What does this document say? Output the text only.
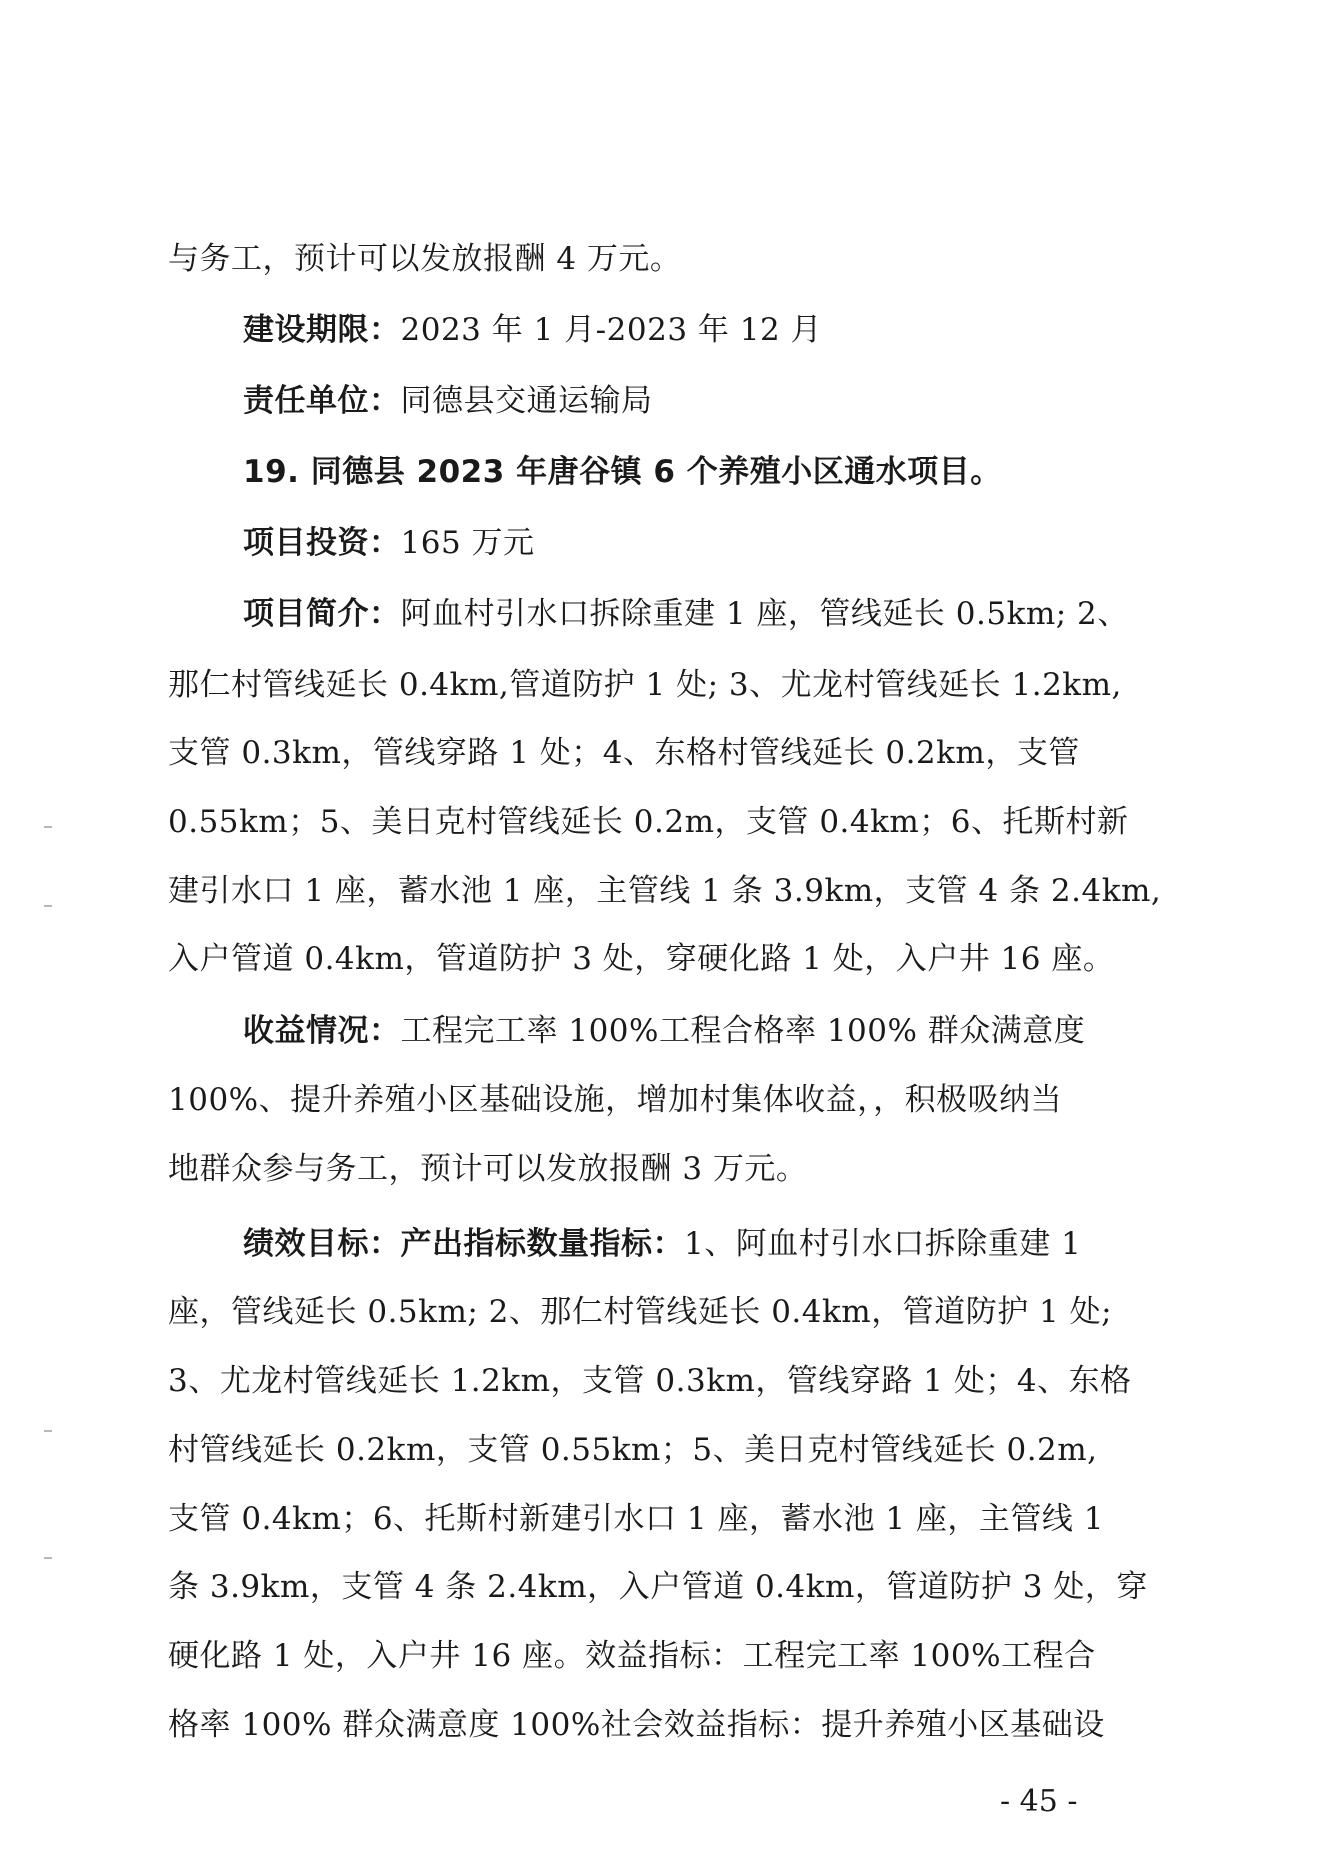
与务工，预计可以发放报酬 4 万元。
建设期限：2023 年 1 月-2023 年 12 月
责任单位：同德县交通运输局
19. 同德县 2023 年唐谷镇 6 个养殖小区通水项目。
项目投资：165 万元
项目简介：阿血村引水口拆除重建 1 座，管线延长 0.5km; 2、
那仁村管线延长 0.4km,管道防护 1 处; 3、尤龙村管线延长 1.2km,
支管 0.3km，管线穿路 1 处；4、东格村管线延长 0.2km，支管
0.55km；5、美日克村管线延长 0.2m，支管 0.4km；6、托斯村新
建引水口 1 座，蓄水池 1 座，主管线 1 条 3.9km，支管 4 条 2.4km,
入户管道 0.4km，管道防护 3 处，穿硬化路 1 处，入户井 16 座。
收益情况：工程完工率 100%工程合格率 100% 群众满意度
100%、提升养殖小区基础设施，增加村集体收益，，积极吸纳当
地群众参与务工，预计可以发放报酬 3 万元。
绩效目标：产出指标数量指标：1、阿血村引水口拆除重建 1
座，管线延长 0.5km; 2、那仁村管线延长 0.4km，管道防护 1 处;
3、尤龙村管线延长 1.2km，支管 0.3km，管线穿路 1 处；4、东格
村管线延长 0.2km，支管 0.55km；5、美日克村管线延长 0.2m,
支管 0.4km；6、托斯村新建引水口 1 座，蓄水池 1 座，主管线 1
条 3.9km，支管 4 条 2.4km，入户管道 0.4km，管道防护 3 处，穿
硬化路 1 处，入户井 16 座。效益指标：工程完工率 100%工程合
格率 100% 群众满意度 100%社会效益指标：提升养殖小区基础设
- 45 -
